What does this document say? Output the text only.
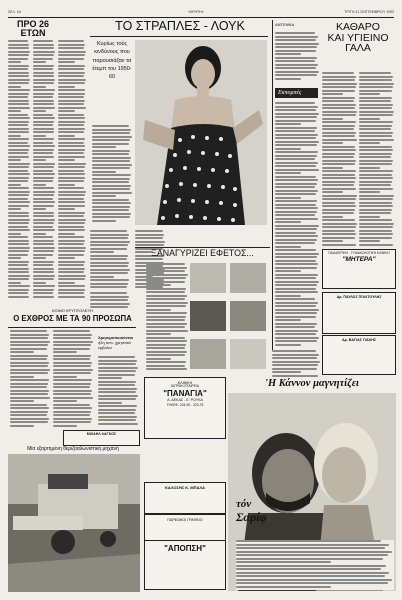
ΣΕΛ. 2α	«ΚΡΗΤΗ»	ΤΡΙΤΗ 21 ΣΕΠΤΕΜΒΡΙΟΥ 1993
ΠΡΟ 26 ΕΤΩΝ	ΤΟ ΣΤΡΑΠΛΕΣ - ΛΟΥΚ
Κυρίως τούς κινδύνους που παρουσιάζαν τα έτεμπ του 1950-60
ΞΑΝΑΓΥΡΙΖΕΙ ΕΦΕΤΟΣ...
ΚΛΙΝΙΚΗ
ΙΑΤΡΙΚΗ ΕΤΑΙΡΕΙΑ
"ΠΑΝΑΓΙΑ"
Α. ΔΕΚΑΣ - Ε. ΡΟΥΚΑ
ΤΗΛΕΦ. 224-90 - 220-75
ΚΑΛΟΣΗΣ Κ. ΜΠΑΛΑ
ΠΑΡΕΩΝΟΙ ΓΡΑΦΕΙΟ
"ΑΠΟΠΣΗ"
ΚΟΙΝΟ ΚΡΥΠΤΟΛΕΞΗ
Ο ΕΧΘΡΟΣ ΜΕ ΤΑ 90 ΠΡΟΣΩΠΑ
Χρησιμοποιούνται
ήδη αντι- χρηστικά εμβόλια
ΜΙΧΑΗΛ ΛΑΓΚΟΣ
Μία εξαρτημένη θεριζοαλωνιστική μηχανή
ΑΝΤΕΝΝΑ
Εκπομπές
ΚΑΘΑΡΟ
ΚΑΙ ΥΓΙΕΙΝΟ
ΓΑΛΑ
ΠΑΙΔΙΑΤΡΙΚΗ - ΓΥΝΑΙΚΟΛΟΓΙΚΗ ΚΛΙΝΙΚΗ
"ΜΗΤΕΡΑ"
Δρ. ΠΑΥΛΟΣ ΠΟΛΙΤΟΥΛΗΣ
Δρ. ΒΑΓΙΑΣ ΓΙΑΚΗΣ
'Η Κάννον μαγνητίζει
τόν
Σαρίφ
